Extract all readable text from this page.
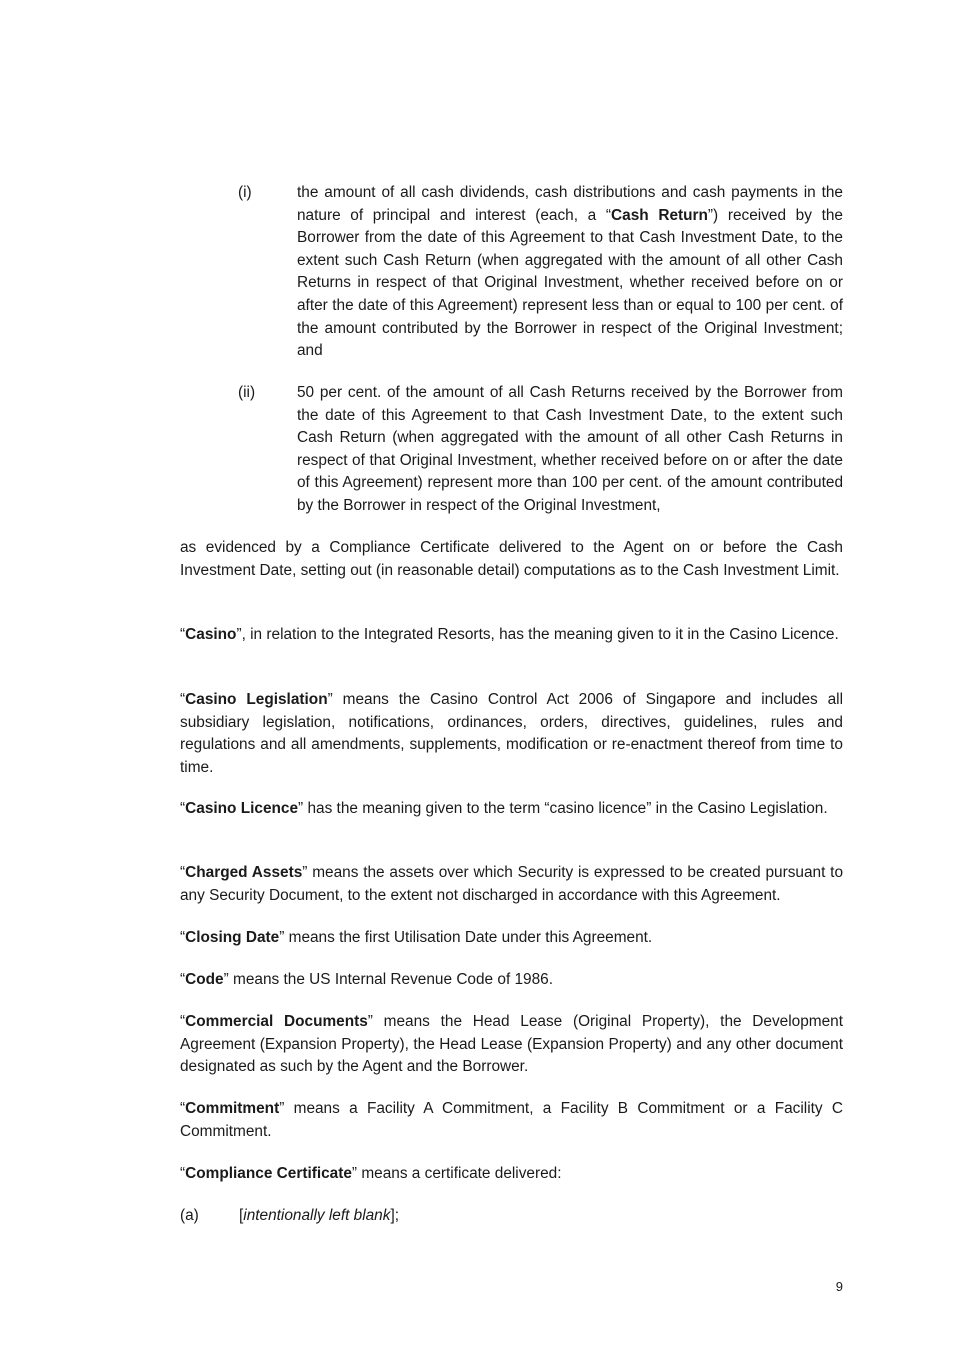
(i)	the amount of all cash dividends, cash distributions and cash payments in the nature of principal and interest (each, a “Cash Return”) received by the Borrower from the date of this Agreement to that Cash Investment Date, to the extent such Cash Return (when aggregated with the amount of all other Cash Returns in respect of that Original Investment, whether received before on or after the date of this Agreement) represent less than or equal to 100 per cent. of the amount contributed by the Borrower in respect of the Original Investment; and
(ii)	50 per cent. of the amount of all Cash Returns received by the Borrower from the date of this Agreement to that Cash Investment Date, to the extent such Cash Return (when aggregated with the amount of all other Cash Returns in respect of that Original Investment, whether received before on or after the date of this Agreement) represent more than 100 per cent. of the amount contributed by the Borrower in respect of the Original Investment,
as evidenced by a Compliance Certificate delivered to the Agent on or before the Cash Investment Date, setting out (in reasonable detail) computations as to the Cash Investment Limit.
“Casino”, in relation to the Integrated Resorts, has the meaning given to it in the Casino Licence.
“Casino Legislation” means the Casino Control Act 2006 of Singapore and includes all subsidiary legislation, notifications, ordinances, orders, directives, guidelines, rules and regulations and all amendments, supplements, modification or re-enactment thereof from time to time.
“Casino Licence” has the meaning given to the term “casino licence” in the Casino Legislation.
“Charged Assets” means the assets over which Security is expressed to be created pursuant to any Security Document, to the extent not discharged in accordance with this Agreement.
“Closing Date” means the first Utilisation Date under this Agreement.
“Code” means the US Internal Revenue Code of 1986.
“Commercial Documents” means the Head Lease (Original Property), the Development Agreement (Expansion Property), the Head Lease (Expansion Property) and any other document designated as such by the Agent and the Borrower.
“Commitment” means a Facility A Commitment, a Facility B Commitment or a Facility C Commitment.
“Compliance Certificate” means a certificate delivered:
(a)	[intentionally left blank];
9
